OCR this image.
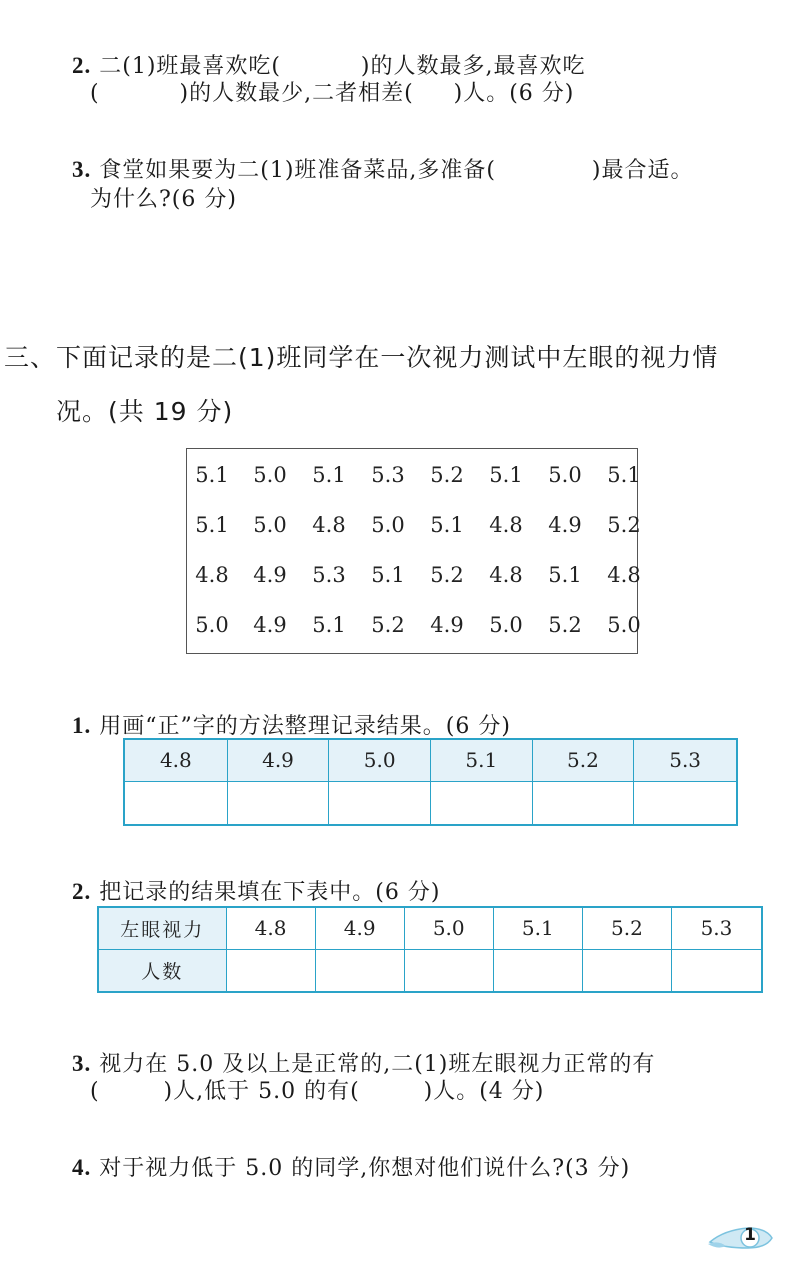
2. 二(1)班最喜欢吃(          )的人数最多,最喜欢吃

(          )的人数最少,二者相差(     )人。(6 分)

3. 食堂如果要为二(1)班准备菜品,多准备(            )最合适。

为什么?(6 分)
三、下面记录的是二(1)班同学在一次视力测试中左眼的视力情
况。(共 19 分)
5.1	5.0	5.1	5.3	5.2	5.1	5.0	5.1
5.1	5.0	4.8	5.0	5.1	4.8	4.9	5.2
4.8	4.9	5.3	5.1	5.2	4.8	5.1	4.8
5.0	4.9	5.1	5.2	4.9	5.0	5.2	5.0

1. 用画“正”字的方法整理记录结果。(6 分)

4.8	4.9	5.0	5.1	5.2	5.3

2. 把记录的结果填在下表中。(6 分)

左眼视力	4.8	4.9	5.0	5.1	5.2	5.3
人数						

3. 视力在 5.0 及以上是正常的,二(1)班左眼视力正常的有

(        )人,低于 5.0 的有(        )人。(4 分)

4. 对于视力低于 5.0 的同学,你想对他们说什么?(3 分)

1
